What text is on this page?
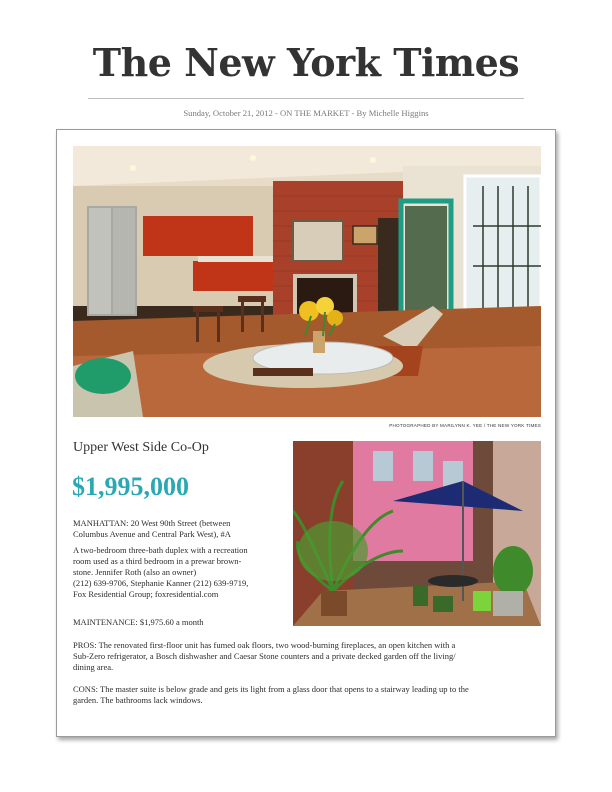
The New York Times
Sunday, October 21, 2012 - ON THE MARKET - By Michelle Higgins
PHOTOGRAPHED BY MARILYNN K. YEE / THE NEW YORK TIMES
Upper West Side Co-Op
$1,995,000
MANHATTAN: 20 West 90th Street (between
Columbus Avenue and Central Park West), #A
A two-bedroom three-bath duplex with a recreation
room used as a third bedroom in a prewar brown-
stone. Jennifer Roth (also an owner)
(212) 639-9706, Stephanie Kanner (212) 639-9719,
Fox Residential Group; foxresidential.com
MAINTENANCE: $1,975.60 a month
PROS: The renovated first-floor unit has fumed oak floors, two wood-burning fireplaces, an open kitchen with a
Sub-Zero refrigerator, a Bosch dishwasher and Caesar Stone counters and a private decked garden off the living/
dining area.
CONS: The master suite is below grade and gets its light from a glass door that opens to a stairway leading up to the
garden. The bathrooms lack windows.
